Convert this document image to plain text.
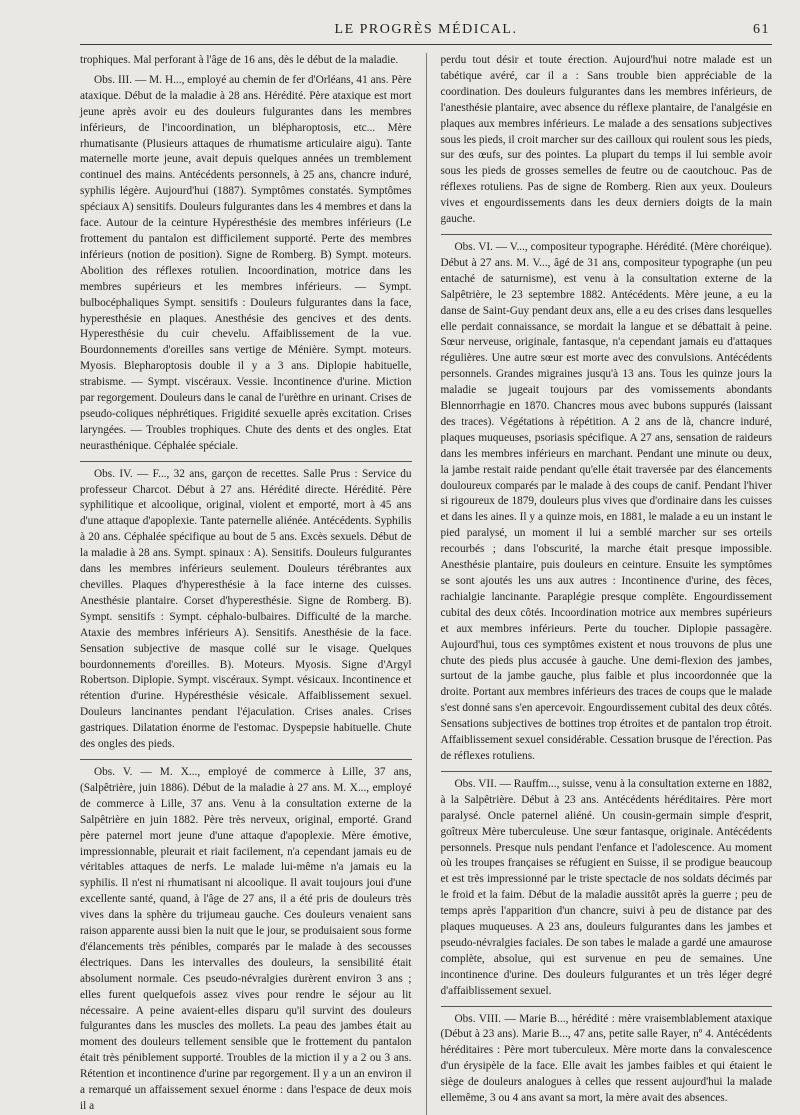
LE PROGRÈS MÉDICAL.	61

trophiques. Mal perforant à l'âge de 16 ans, dès le début de la maladie.

Obs. III. — M. H..., employé au chemin de fer d'Orléans, 41 ans. Père ataxique. Début de la maladie à 28 ans. Hérédité. Père ataxique est mort jeune après avoir eu des douleurs fulgurantes dans les membres inférieurs, de l'incoordination, un blépharoptosis, etc... Mère rhumatisante (Plusieurs attaques de rhumatisme articulaire aigu). Tante maternelle morte jeune, avait depuis quelques années un tremblement continuel des mains. Antécédents personnels, à 25 ans, chancre induré, syphilis légère. Aujourd'hui (1887). Symptômes constatés. Symptômes spéciaux A) sensitifs. Douleurs fulgurantes dans les 4 membres et dans la face. Autour de la ceinture Hypéresthésie des membres inférieurs (Le frottement du pantalon est difficilement supporté. Perte des membres inférieurs (notion de position). Signe de Romberg. B) Sympt. moteurs. Abolition des réflexes rotulien. Incoordination, motrice dans les membres supérieurs et les membres inférieurs. — Sympt. bulbocéphaliques Sympt. sensitifs : Douleurs fulgurantes dans la face, hyperesthésie en plaques. Anesthésie des gencives et des dents. Hyperesthésie du cuir chevelu. Affaiblissement de la vue. Bourdonnements d'oreilles sans vertige de Ménière. Sympt. moteurs. Myosis. Blepharoptosis double il y a 3 ans. Diplopie habituelle, strabisme. — Sympt. viscéraux. Vessie. Incontinence d'urine. Miction par regorgement. Douleurs dans le canal de l'urèthre en urinant. Crises de pseudo-coliques néphrétiques. Frigidité sexuelle après excitation. Crises laryngées. — Troubles trophiques. Chute des dents et des ongles. Etat neurasthénique. Céphalée spéciale.

Obs. IV. — F..., 32 ans, garçon de recettes. Salle Prus : Service du professeur Charcot. Début à 27 ans. Hérédité directe. Hérédité. Père syphilitique et alcoolique, original, violent et emporté, mort à 45 ans d'une attaque d'apoplexie. Tante paternelle aliénée. Antécédents. Syphilis à 20 ans. Céphalée spécifique au bout de 5 ans. Excès sexuels. Début de la maladie à 28 ans. Sympt. spinaux : A). Sensitifs. Douleurs fulgurantes dans les membres inférieurs seulement. Douleurs térébrantes aux chevilles. Plaques d'hyperesthésie à la face interne des cuisses. Anesthésie plantaire. Corset d'hyperesthésie. Signe de Romberg. B). Sympt. sensitifs : Sympt. céphalo-bulbaires. Difficulté de la marche. Ataxie des membres inférieurs A). Sensitifs. Anesthésie de la face. Sensation subjective de masque collé sur le visage. Quelques bourdonnements d'oreilles. B). Moteurs. Myosis. Signe d'Argyl Robertson. Diplopie. Sympt. viscéraux. Sympt. vésicaux. Incontinence et rétention d'urine. Hypéresthésie vésicale. Affaiblissement sexuel. Douleurs lancinantes pendant l'éjaculation. Crises anales. Crises gastriques. Dilatation énorme de l'estomac. Dyspepsie habituelle. Chute des ongles des pieds.

Obs. V. — M. X..., employé de commerce à Lille, 37 ans, (Salpêtrière, juin 1886). Début de la maladie à 27 ans. M. X..., employé de commerce à Lille, 37 ans. Venu à la consultation externe de la Salpêtrière en juin 1882. Père très nerveux, original, emporté. Grand père paternel mort jeune d'une attaque d'apoplexie. Mère émotive, impressionnable, pleurait et riait facilement, n'a cependant jamais eu de véritables attaques de nerfs. Le malade lui-même n'a jamais eu la syphilis. Il n'est ni rhumatisant ni alcoolique. Il avait toujours joui d'une excellente santé, quand, à l'âge de 27 ans, il a été pris de douleurs très vives dans la sphère du trijumeau gauche. Ces douleurs venaient sans raison apparente aussi bien la nuit que le jour, se produisaient sous forme d'élancements très pénibles, comparés par le malade à des secousses électriques. Dans les intervalles des douleurs, la sensibilité était absolument normale. Ces pseudo-névralgies durèrent environ 3 ans ; elles furent quelquefois assez vives pour rendre le séjour au lit nécessaire. A peine avaient-elles disparu qu'il survint des douleurs fulgurantes dans les muscles des mollets. La peau des jambes était au moment des douleurs tellement sensible que le frottement du pantalon était très péniblement supporté. Troubles de la miction il y a 2 ou 3 ans. Rétention et incontinence d'urine par regorgement. Il y a un an environ il a remarqué un affaissement sexuel énorme : dans l'espace de deux mois il a

perdu tout désir et toute érection. Aujourd'hui notre malade est un tabétique avéré, car il a : Sans trouble bien appréciable de la coordination. Des douleurs fulgurantes dans les membres inférieurs, de l'anesthésie plantaire, avec absence du réflexe plantaire, de l'analgésie en plaques aux membres inférieurs. Le malade a des sensations subjectives sous les pieds, il croit marcher sur des cailloux qui roulent sous les pieds, sur des œufs, sur des pointes. La plupart du temps il lui semble avoir sous les pieds de grosses semelles de feutre ou de caoutchouc. Pas de réflexes rotuliens. Pas de signe de Romberg. Rien aux yeux. Douleurs vives et engourdissements dans les deux derniers doigts de la main gauche.

Obs. VI. — V..., compositeur typographe. Hérédité. (Mère choréique). Début à 27 ans. M. V..., âgé de 31 ans, compositeur typographe (un peu entaché de saturnisme), est venu à la consultation externe de la Salpêtrière, le 23 septembre 1882. Antécédents. Mère jeune, a eu la danse de Saint-Guy pendant deux ans, elle a eu des crises dans lesquelles elle perdait connaissance, se mordait la langue et se débattait à peine. Sœur nerveuse, originale, fantasque, n'a cependant jamais eu d'attaques régulières. Une autre sœur est morte avec des convulsions. Antécédents personnels. Grandes migraines jusqu'à 13 ans. Tous les quinze jours la maladie se jugeait toujours par des vomissements abondants Blennorrhagie en 1870. Chancres mous avec bubons suppurés (laissant des traces). Végétations à répétition. A 2 ans de là, chancre induré, plaques muqueuses, psoriasis spécifique. A 27 ans, sensation de raideurs dans les membres inférieurs en marchant. Pendant une minute ou deux, la jambe restait raide pendant qu'elle était traversée par des élancements douloureux comparés par le malade à des coups de canif. Pendant l'hiver si rigoureux de 1879, douleurs plus vives que d'ordinaire dans les cuisses et dans les aines. Il y a quinze mois, en 1881, le malade a eu un instant le pied paralysé, un moment il lui a semblé marcher sur ses orteils recourbés ; dans l'obscurité, la marche était presque impossible. Anesthésie plantaire, puis douleurs en ceinture. Ensuite les symptômes se sont ajoutés les uns aux autres : Incontinence d'urine, des fèces, rachialgie lancinante. Paraplégie presque complète. Engourdissement cubital des deux côtés. Incoordination motrice aux membres supérieurs et aux membres inférieurs. Perte du toucher. Diplopie passagère. Aujourd'hui, tous ces symptômes existent et nous trouvons de plus une chute des pieds plus accusée à gauche. Une demi-flexion des jambes, surtout de la jambe gauche, plus faible et plus incoordonnée que la droite. Portant aux membres inférieurs des traces de coups que le malade s'est donné sans s'en apercevoir. Engourdissement cubital des deux côtés. Sensations subjectives de bottines trop étroites et de pantalon trop étroit. Affaiblissement sexuel considérable. Cessation brusque de l'érection. Pas de réflexes rotuliens.

Obs. VII. — Rauffm..., suisse, venu à la consultation externe en 1882, à la Salpêtrière. Début à 23 ans. Antécédents héréditaires. Père mort paralysé. Oncle paternel aliéné. Un cousin-germain simple d'esprit, goîtreux Mère tuberculeuse. Une sœur fantasque, originale. Antécédents personnels. Presque nuls pendant l'enfance et l'adolescence. Au moment où les troupes françaises se réfugient en Suisse, il se prodigue beaucoup et est très impressionné par le triste spectacle de nos soldats décimés par le froid et la faim. Début de la maladie aussitôt après la guerre ; peu de temps après l'apparition d'un chancre, suivi à peu de distance par des plaques muqueuses. A 23 ans, douleurs fulgurantes dans les jambes et pseudo-névralgies faciales. De son tabes le malade a gardé une amaurose complète, absolue, qui est survenue en peu de semaines. Une incontinence d'urine. Des douleurs fulgurantes et un très léger degré d'affaiblissement sexuel.

Obs. VIII. — Marie B..., hérédité : mère vraisemblablement ataxique (Début à 23 ans). Marie B..., 47 ans, petite salle Rayer, nº 4. Antécédents héréditaires : Père mort tuberculeux. Mère morte dans la convalescence d'un érysipèle de la face. Elle avait les jambes faibles et qui étaient le siège de douleurs analogues à celles que ressent aujourd'hui la malade ellemême, 3 ou 4 ans avant sa mort, la mère avait des absences.
